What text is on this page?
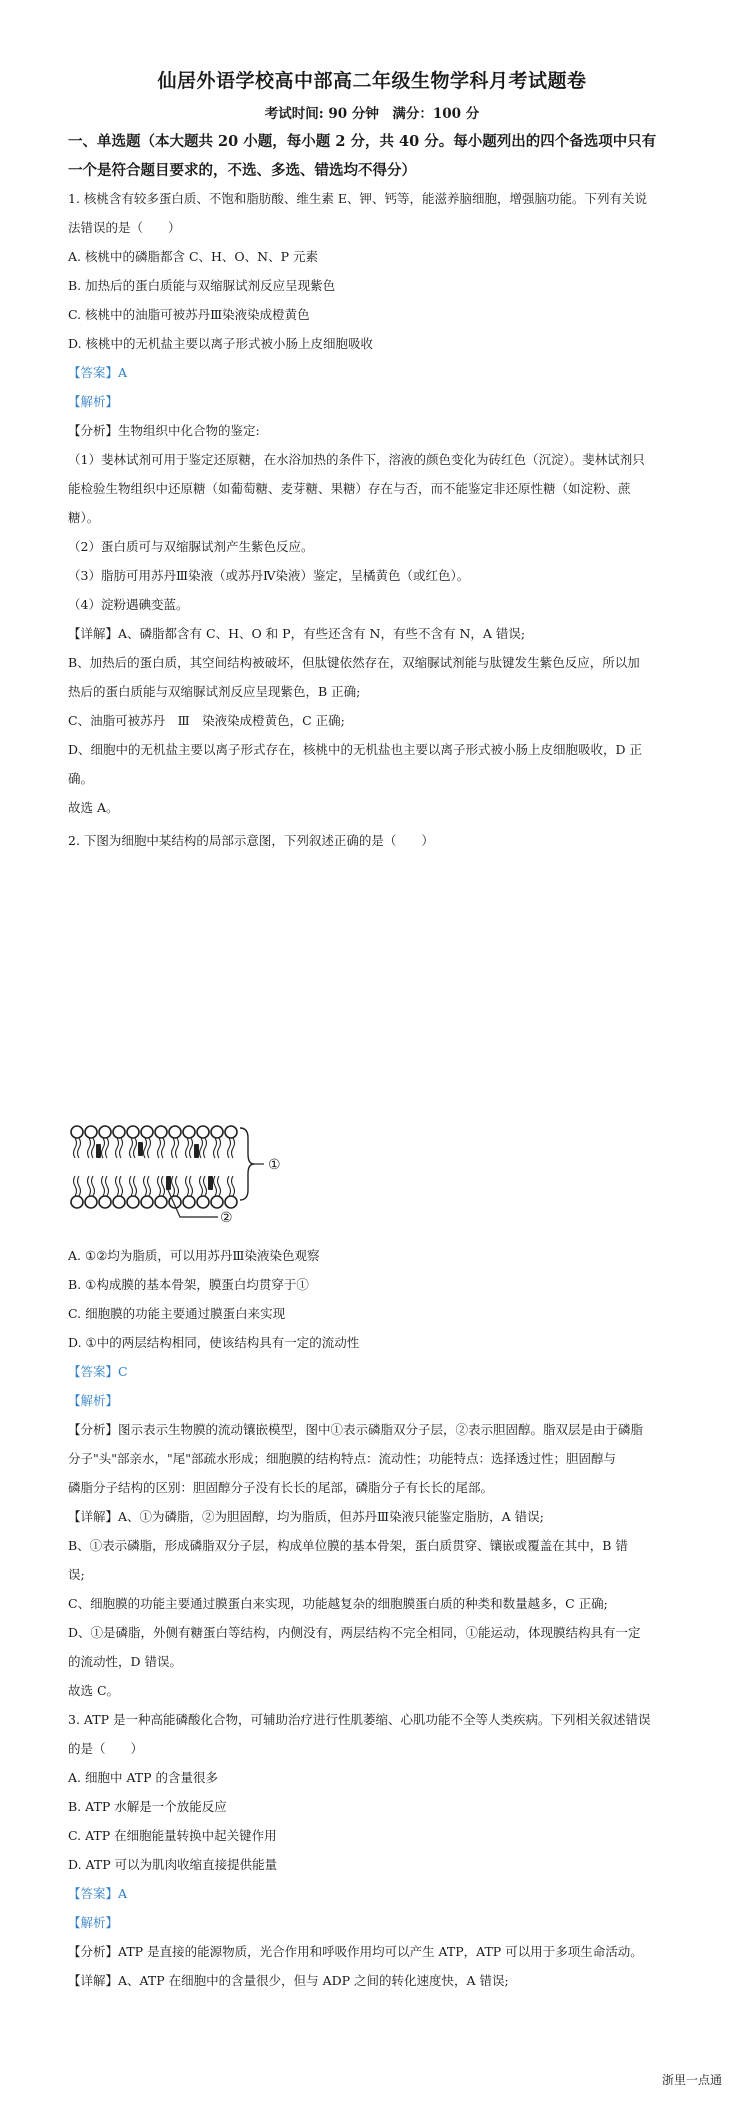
仙居外语学校高中部高二年级生物学科月考试题卷
考试时间: 90 分钟　满分：100 分
一、单选题（本大题共 20 小题，每小题 2 分，共 40 分。每小题列出的四个备选项中只有
一个是符合题目要求的，不选、多选、错选均不得分）
1. 核桃含有较多蛋白质、不饱和脂肪酸、维生素 E、钾、钙等，能滋养脑细胞，增强脑功能。下列有关说
法错误的是（　　）
A. 核桃中的磷脂都含 C、H、O、N、P 元素
B. 加热后的蛋白质能与双缩脲试剂反应呈现紫色
C. 核桃中的油脂可被苏丹Ⅲ染液染成橙黄色
D. 核桃中的无机盐主要以离子形式被小肠上皮细胞吸收
【答案】A
【解析】
【分析】生物组织中化合物的鉴定:
（1）斐林试剂可用于鉴定还原糖，在水浴加热的条件下，溶液的颜色变化为砖红色（沉淀）。斐林试剂只
能检验生物组织中还原糖（如葡萄糖、麦芽糖、果糖）存在与否，而不能鉴定非还原性糖（如淀粉、蔗
糖）。
（2）蛋白质可与双缩脲试剂产生紫色反应。
（3）脂肪可用苏丹Ⅲ染液（或苏丹Ⅳ染液）鉴定，呈橘黄色（或红色）。
（4）淀粉遇碘变蓝。
【详解】A、磷脂都含有 C、H、O 和 P，有些还含有 N，有些不含有 N，A 错误;
B、加热后的蛋白质，其空间结构被破坏，但肽键依然存在，双缩脲试剂能与肽键发生紫色反应，所以加
热后的蛋白质能与双缩脲试剂反应呈现紫色，B 正确;
C、油脂可被苏丹　Ⅲ　染液染成橙黄色，C 正确;
D、细胞中的无机盐主要以离子形式存在，核桃中的无机盐也主要以离子形式被小肠上皮细胞吸收，D 正
确。
故选 A。
2. 下图为细胞中某结构的局部示意图，下列叙述正确的是（　　）
①
②
A. ①②均为脂质，可以用苏丹Ⅲ染液染色观察
B. ①构成膜的基本骨架，膜蛋白均贯穿于①
C. 细胞膜的功能主要通过膜蛋白来实现
D. ①中的两层结构相同，使该结构具有一定的流动性
【答案】C
【解析】
【分析】图示表示生物膜的流动镶嵌模型，图中①表示磷脂双分子层，②表示胆固醇。脂双层是由于磷脂
分子"头"部亲水，"尾"部疏水形成；细胞膜的结构特点：流动性；功能特点：选择透过性；胆固醇与
磷脂分子结构的区别：胆固醇分子没有长长的尾部，磷脂分子有长长的尾部。
【详解】A、①为磷脂，②为胆固醇，均为脂质，但苏丹Ⅲ染液只能鉴定脂肪，A 错误;
B、①表示磷脂，形成磷脂双分子层，构成单位膜的基本骨架，蛋白质贯穿、镶嵌或覆盖在其中，B 错
误;
C、细胞膜的功能主要通过膜蛋白来实现，功能越复杂的细胞膜蛋白质的种类和数量越多，C 正确;
D、①是磷脂，外侧有糖蛋白等结构，内侧没有，两层结构不完全相同，①能运动，体现膜结构具有一定
的流动性，D 错误。
故选 C。
3. ATP 是一种高能磷酸化合物，可辅助治疗进行性肌萎缩、心肌功能不全等人类疾病。下列相关叙述错误
的是（　　）
A. 细胞中 ATP 的含量很多
B. ATP 水解是一个放能反应
C. ATP 在细胞能量转换中起关键作用
D. ATP 可以为肌肉收缩直接提供能量
【答案】A
【解析】
【分析】ATP 是直接的能源物质，光合作用和呼吸作用均可以产生 ATP，ATP 可以用于多项生命活动。
【详解】A、ATP 在细胞中的含量很少，但与 ADP 之间的转化速度快，A 错误;
浙里一点通
